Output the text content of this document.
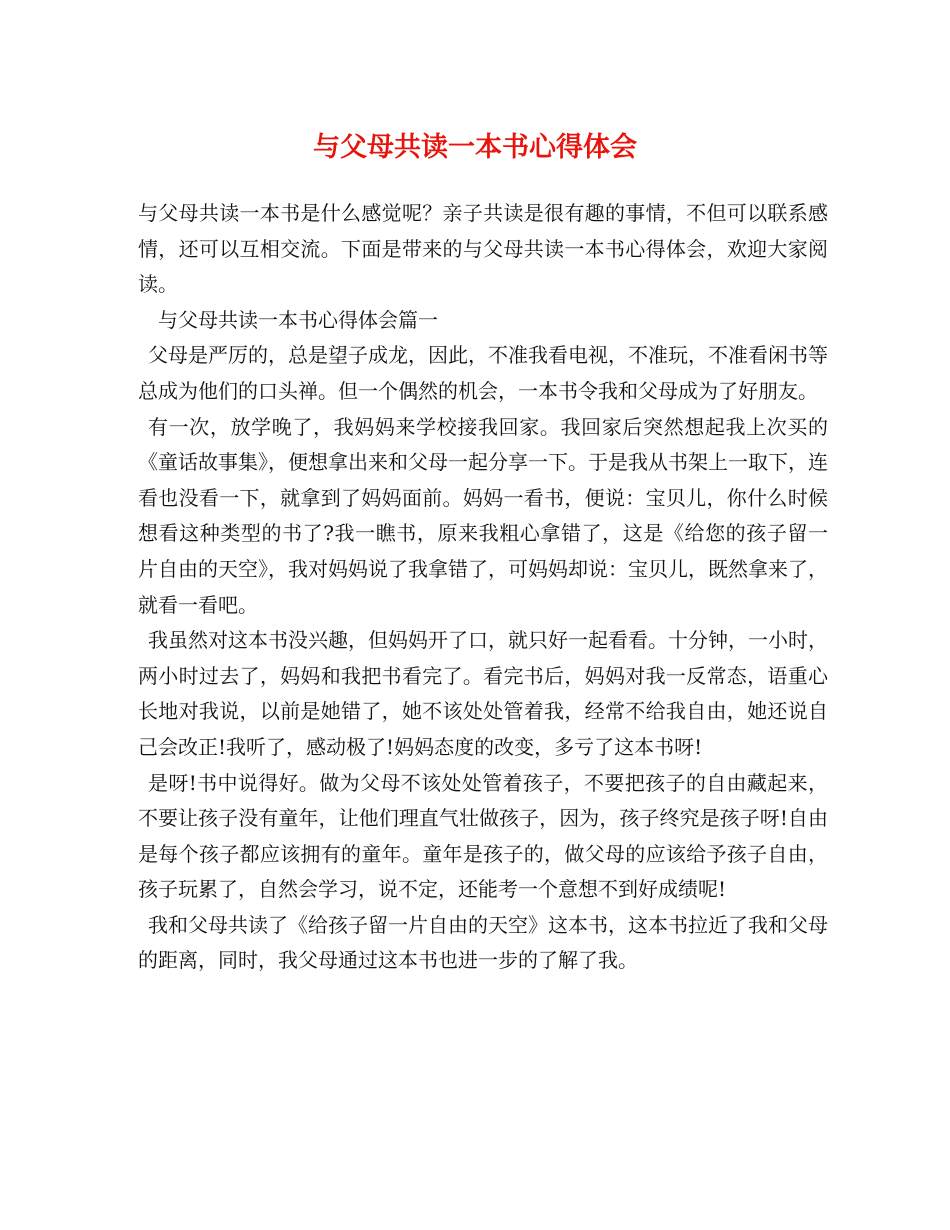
与父母共读一本书心得体会

与父母共读一本书是什么感觉呢？亲子共读是很有趣的事情，不但可以联系感情，还可以互相交流。下面是带来的与父母共读一本书心得体会，欢迎大家阅读。

与父母共读一本书心得体会篇一

父母是严厉的，总是望子成龙，因此，不准我看电视，不准玩，不准看闲书等总成为他们的口头禅。但一个偶然的机会，一本书令我和父母成为了好朋友。

有一次，放学晚了，我妈妈来学校接我回家。我回家后突然想起我上次买的《童话故事集》，便想拿出来和父母一起分享一下。于是我从书架上一取下，连看也没看一下，就拿到了妈妈面前。妈妈一看书，便说：宝贝儿，你什么时候想看这种类型的书了?我一瞧书，原来我粗心拿错了，这是《给您的孩子留一片自由的天空》，我对妈妈说了我拿错了，可妈妈却说：宝贝儿，既然拿来了，就看一看吧。

我虽然对这本书没兴趣，但妈妈开了口，就只好一起看看。十分钟，一小时，两小时过去了，妈妈和我把书看完了。看完书后，妈妈对我一反常态，语重心长地对我说，以前是她错了，她不该处处管着我，经常不给我自由，她还说自己会改正!我听了，感动极了!妈妈态度的改变，多亏了这本书呀!

是呀!书中说得好。做为父母不该处处管着孩子，不要把孩子的自由藏起来，不要让孩子没有童年，让他们理直气壮做孩子，因为，孩子终究是孩子呀!自由是每个孩子都应该拥有的童年。童年是孩子的，做父母的应该给予孩子自由，孩子玩累了，自然会学习，说不定，还能考一个意想不到好成绩呢!

我和父母共读了《给孩子留一片自由的天空》这本书，这本书拉近了我和父母的距离，同时，我父母通过这本书也进一步的了解了我。
